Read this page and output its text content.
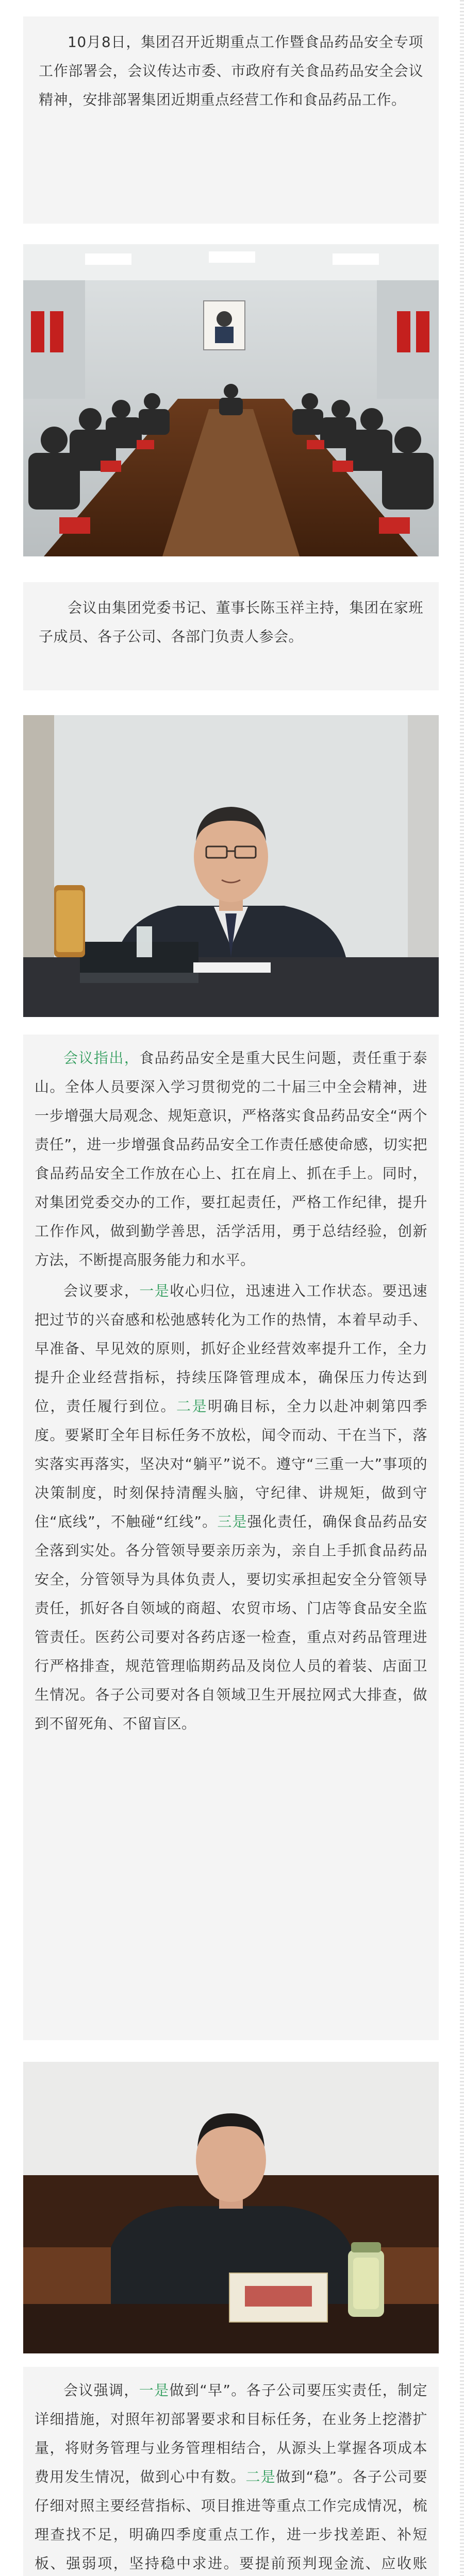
10月8日，集团召开近期重点工作暨食品药品安全专项工作部署会，会议传达市委、市政府有关食品药品安全会议精神，安排部署集团近期重点经营工作和食品药品工作。

会议由集团党委书记、董事长陈玉祥主持，集团在家班子成员、各子公司、各部门负责人参会。

会议指出，食品药品安全是重大民生问题，责任重于泰山。全体人员要深入学习贯彻党的二十届三中全会精神，进一步增强大局观念、规矩意识，严格落实食品药品安全“两个责任”，进一步增强食品药品安全工作责任感使命感，切实把食品药品安全工作放在心上、扛在肩上、抓在手上。同时，对集团党委交办的工作，要扛起责任，严格工作纪律，提升工作作风，做到勤学善思，活学活用，勇于总结经验，创新方法，不断提高服务能力和水平。

会议要求，一是收心归位，迅速进入工作状态。要迅速把过节的兴奋感和松弛感转化为工作的热情，本着早动手、早准备、早见效的原则，抓好企业经营效率提升工作，全力提升企业经营指标，持续压降管理成本，确保压力传达到位，责任履行到位。二是明确目标，全力以赴冲刺第四季度。要紧盯全年目标任务不放松，闻令而动、干在当下，落实落实再落实，坚决对“躺平”说不。遵守“三重一大”事项的决策制度，时刻保持清醒头脑，守纪律、讲规矩，做到守住“底线”，不触碰“红线”。三是强化责任，确保食品药品安全落到实处。各分管领导要亲历亲为，亲自上手抓食品药品安全，分管领导为具体负责人，要切实承担起安全分管领导责任，抓好各自领域的商超、农贸市场、门店等食品安全监管责任。医药公司要对各药店逐一检查，重点对药品管理进行严格排查，规范管理临期药品及岗位人员的着装、店面卫生情况。各子公司要对各自领域卫生开展拉网式大排查，做到不留死角、不留盲区。

会议强调，一是做到“早”。各子公司要压实责任，制定详细措施，对照年初部署要求和目标任务，在业务上挖潜扩量，将财务管理与业务管理相结合，从源头上掌握各项成本费用发生情况，做到心中有数。二是做到“稳”。各子公司要仔细对照主要经营指标、项目推进等重点工作完成情况，梳理查找不足，明确四季度重点工作，进一步找差距、补短板、强弱项，坚持稳中求进。要提前预判现金流、应收账
